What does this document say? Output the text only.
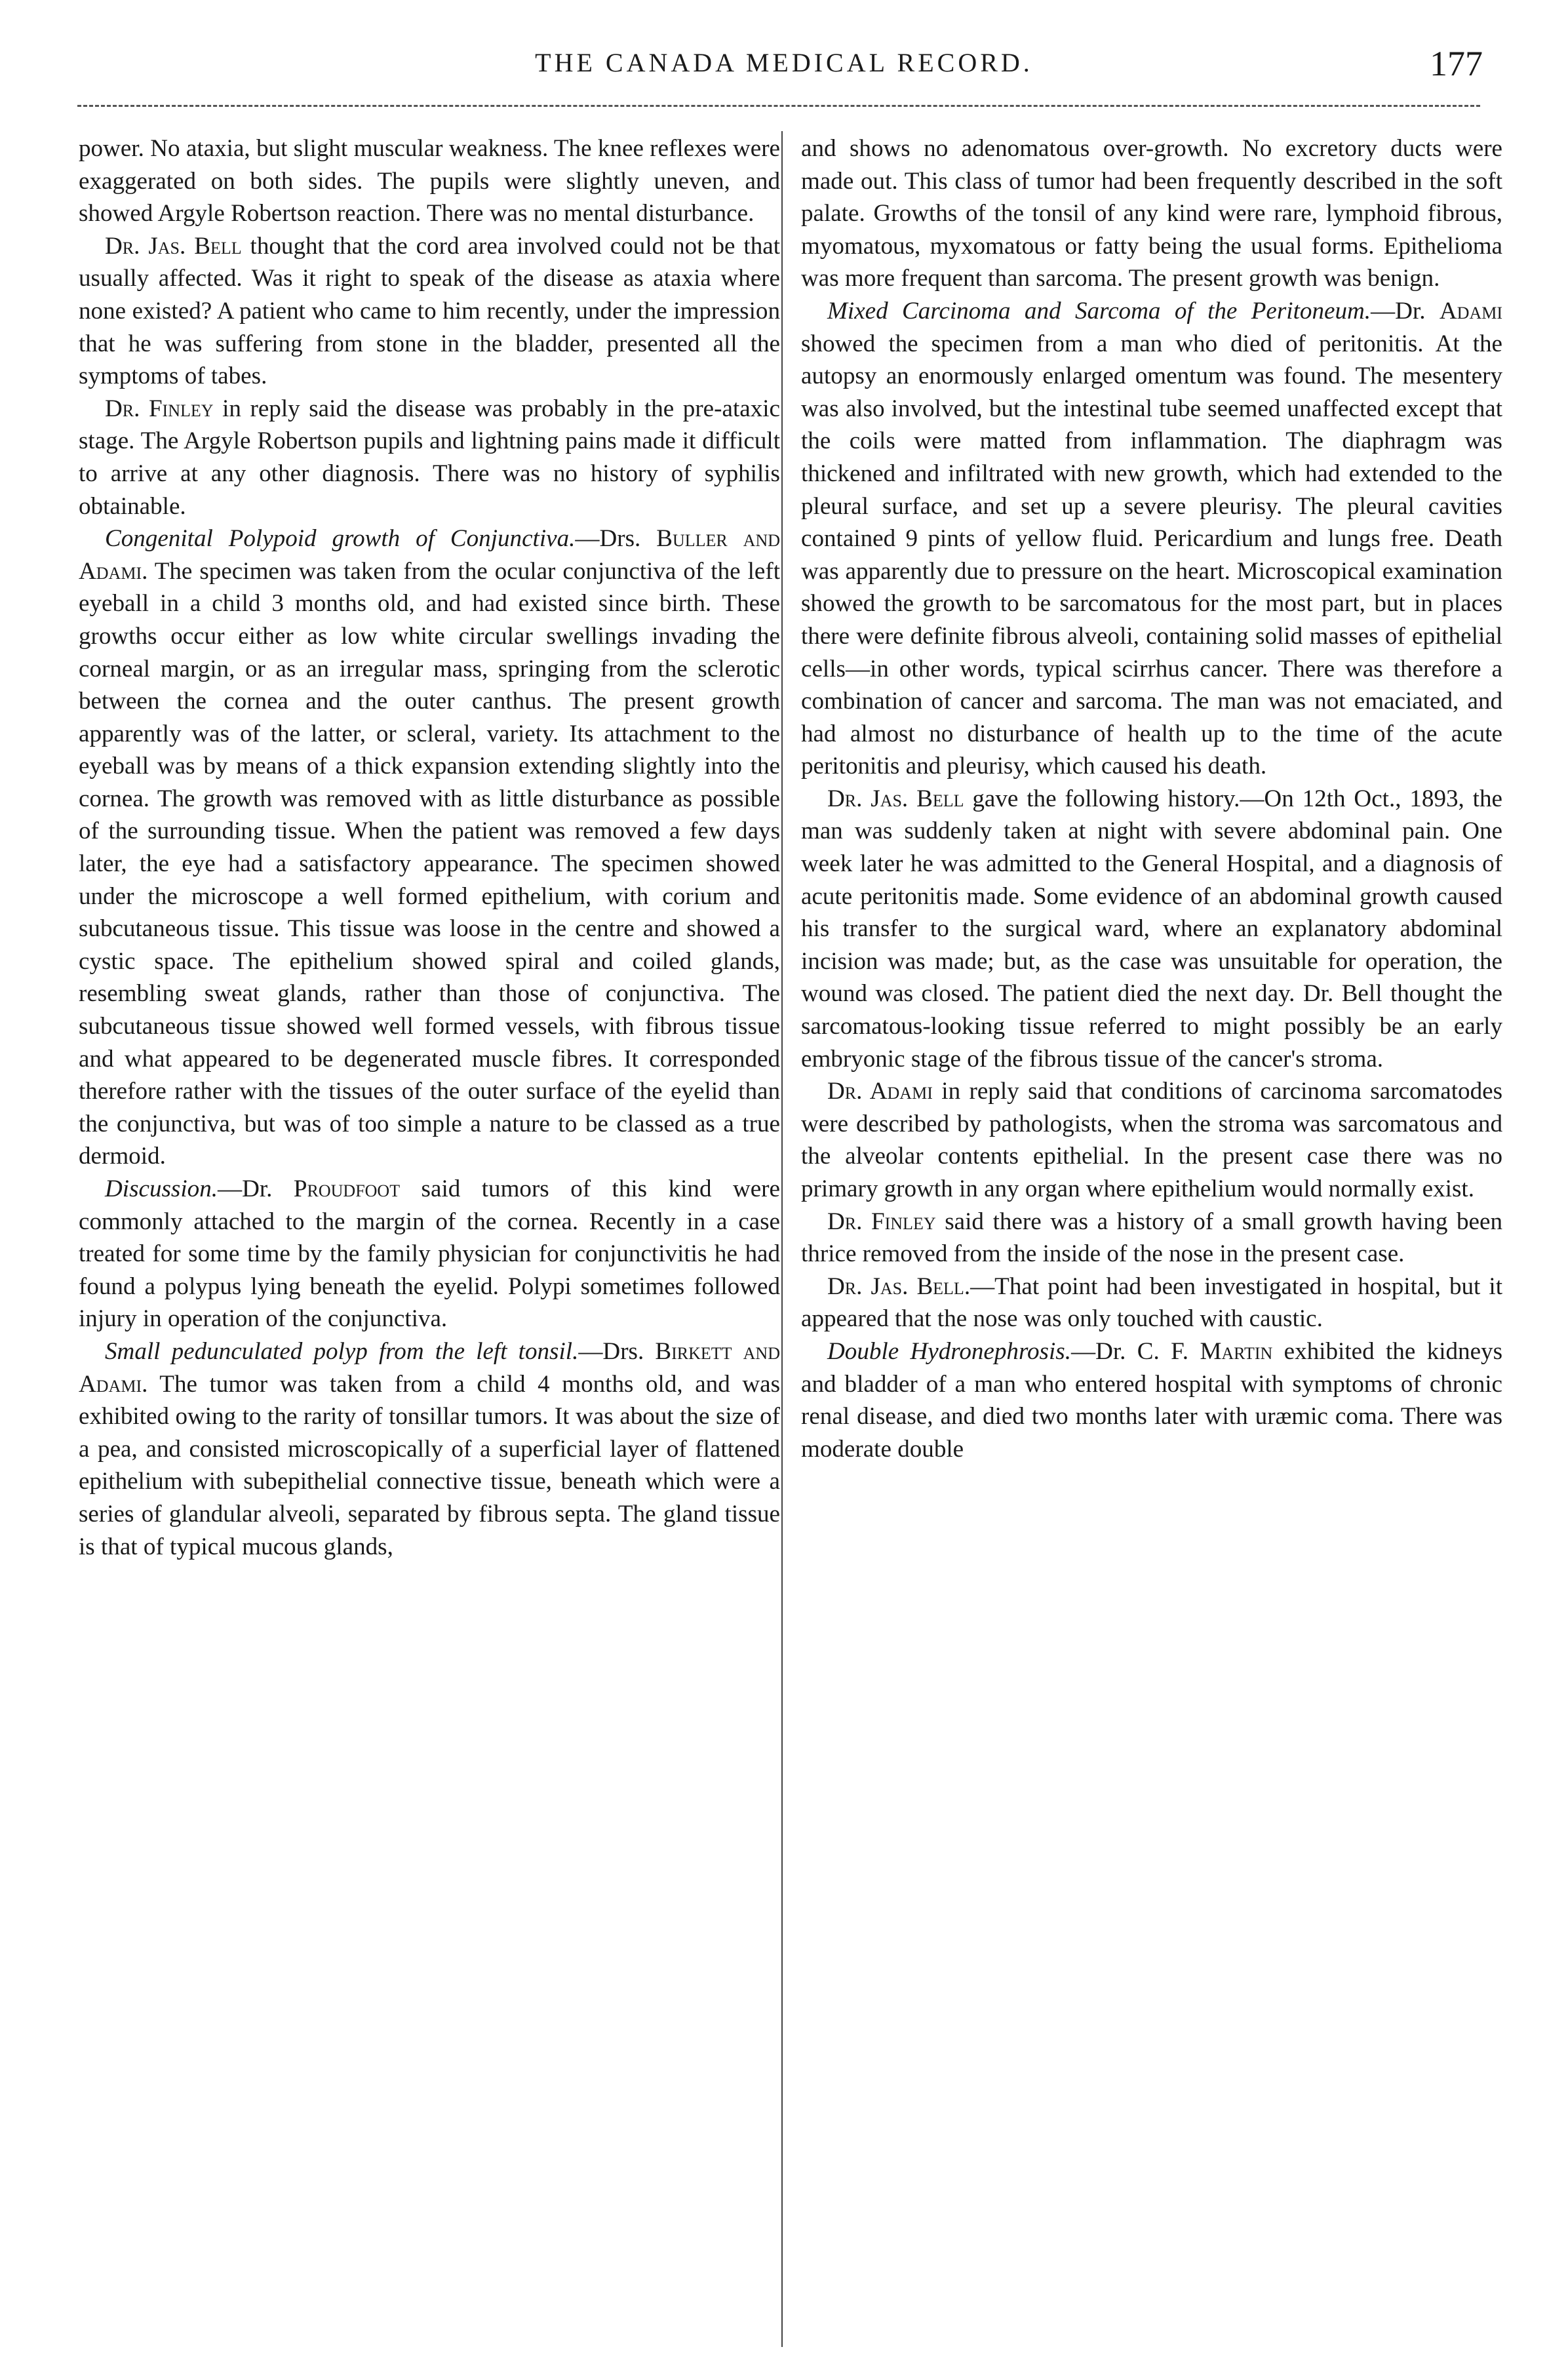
THE CANADA MEDICAL RECORD.	177

power. No ataxia, but slight muscular weakness. The knee reflexes were exaggerated on both sides. The pupils were slightly uneven, and showed Argyle Robertson reaction. There was no mental disturbance.

Dr. Jas. Bell thought that the cord area involved could not be that usually affected. Was it right to speak of the disease as ataxia where none existed? A patient who came to him recently, under the impression that he was suffering from stone in the bladder, presented all the symptoms of tabes.

Dr. Finley in reply said the disease was probably in the pre-ataxic stage. The Argyle Robertson pupils and lightning pains made it difficult to arrive at any other diagnosis. There was no history of syphilis obtainable.

Congenital Polypoid growth of Conjunctiva.—Drs. Buller and Adami. The specimen was taken from the ocular conjunctiva of the left eyeball in a child 3 months old, and had existed since birth. These growths occur either as low white circular swellings invading the corneal margin, or as an irregular mass, springing from the sclerotic between the cornea and the outer canthus. The present growth apparently was of the latter, or scleral, variety. Its attachment to the eyeball was by means of a thick expansion extending slightly into the cornea. The growth was removed with as little disturbance as possible of the surrounding tissue. When the patient was removed a few days later, the eye had a satisfactory appearance. The specimen showed under the microscope a well formed epithelium, with corium and subcutaneous tissue. This tissue was loose in the centre and showed a cystic space. The epithelium showed spiral and coiled glands, resembling sweat glands, rather than those of conjunctiva. The subcutaneous tissue showed well formed vessels, with fibrous tissue and what appeared to be degenerated muscle fibres. It corresponded therefore rather with the tissues of the outer surface of the eyelid than the conjunctiva, but was of too simple a nature to be classed as a true dermoid.

Discussion.—Dr. Proudfoot said tumors of this kind were commonly attached to the margin of the cornea. Recently in a case treated for some time by the family physician for conjunctivitis he had found a polypus lying beneath the eyelid. Polypi sometimes followed injury in operation of the conjunctiva.

Small pedunculated polyp from the left tonsil.—Drs. Birkett and Adami. The tumor was taken from a child 4 months old, and was exhibited owing to the rarity of tonsillar tumors. It was about the size of a pea, and consisted microscopically of a superficial layer of flattened epithelium with subepithelial connective tissue, beneath which were a series of glandular alveoli, separated by fibrous septa. The gland tissue is that of typical mucous glands,

and shows no adenomatous over-growth. No excretory ducts were made out. This class of tumor had been frequently described in the soft palate. Growths of the tonsil of any kind were rare, lymphoid fibrous, myomatous, myxomatous or fatty being the usual forms. Epithelioma was more frequent than sarcoma. The present growth was benign.

Mixed Carcinoma and Sarcoma of the Peritoneum.—Dr. Adami showed the specimen from a man who died of peritonitis. At the autopsy an enormously enlarged omentum was found. The mesentery was also involved, but the intestinal tube seemed unaffected except that the coils were matted from inflammation. The diaphragm was thickened and infiltrated with new growth, which had extended to the pleural surface, and set up a severe pleurisy. The pleural cavities contained 9 pints of yellow fluid. Pericardium and lungs free. Death was apparently due to pressure on the heart. Microscopical examination showed the growth to be sarcomatous for the most part, but in places there were definite fibrous alveoli, containing solid masses of epithelial cells—in other words, typical scirrhus cancer. There was therefore a combination of cancer and sarcoma. The man was not emaciated, and had almost no disturbance of health up to the time of the acute peritonitis and pleurisy, which caused his death.

Dr. Jas. Bell gave the following history.—On 12th Oct., 1893, the man was suddenly taken at night with severe abdominal pain. One week later he was admitted to the General Hospital, and a diagnosis of acute peritonitis made. Some evidence of an abdominal growth caused his transfer to the surgical ward, where an explanatory abdominal incision was made; but, as the case was unsuitable for operation, the wound was closed. The patient died the next day. Dr. Bell thought the sarcomatous-looking tissue referred to might possibly be an early embryonic stage of the fibrous tissue of the cancer's stroma.

Dr. Adami in reply said that conditions of carcinoma sarcomatodes were described by pathologists, when the stroma was sarcomatous and the alveolar contents epithelial. In the present case there was no primary growth in any organ where epithelium would normally exist.

Dr. Finley said there was a history of a small growth having been thrice removed from the inside of the nose in the present case.

Dr. Jas. Bell.—That point had been investigated in hospital, but it appeared that the nose was only touched with caustic.

Double Hydronephrosis.—Dr. C. F. Martin exhibited the kidneys and bladder of a man who entered hospital with symptoms of chronic renal disease, and died two months later with uræmic coma. There was moderate double
